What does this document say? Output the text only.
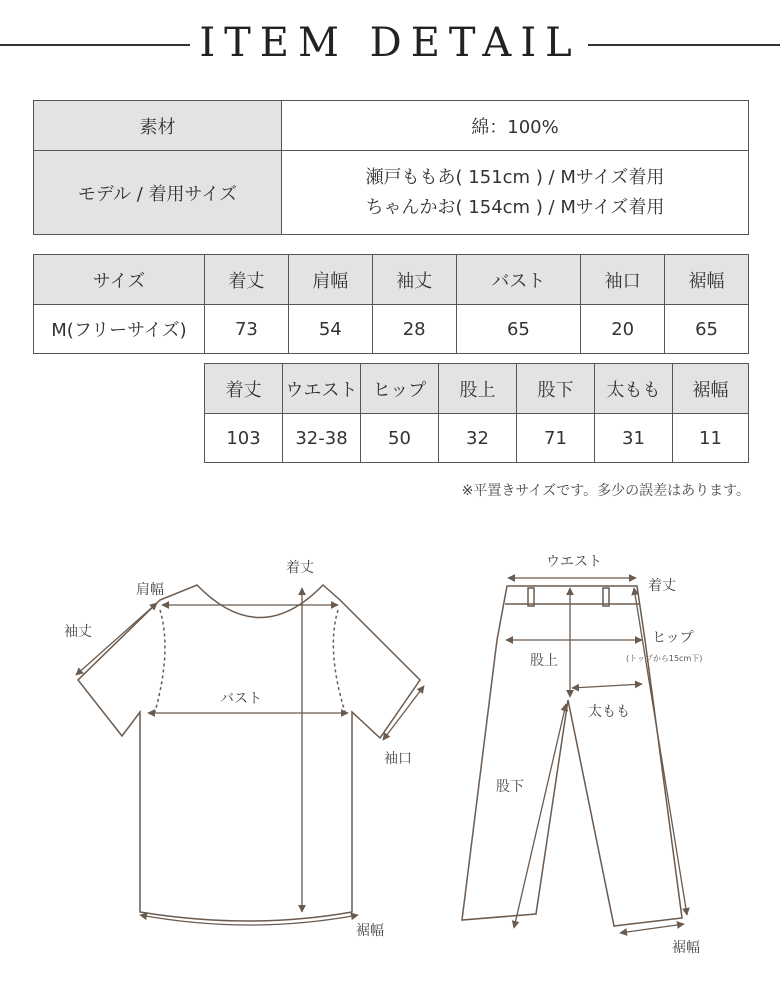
ITEM DETAIL
素材	綿：100%
モデル / 着用サイズ	瀬戸ももあ( 151cm ) / Mサイズ着用
ちゃんかお( 154cm ) / Mサイズ着用
サイズ	着丈	肩幅	袖丈	バスト	袖口	裾幅
M(フリーサイズ)	73	54	28	65	20	65
着丈	ウエスト	ヒップ	股上	股下	太もも	裾幅
103	32-38	50	32	71	31	11
※平置きサイズです。多少の誤差はあります。
着丈
肩幅
袖丈
バスト
袖口
裾幅
ウエスト
着丈
ヒップ
(トップから15cm下)
股上
太もも
股下
裾幅
